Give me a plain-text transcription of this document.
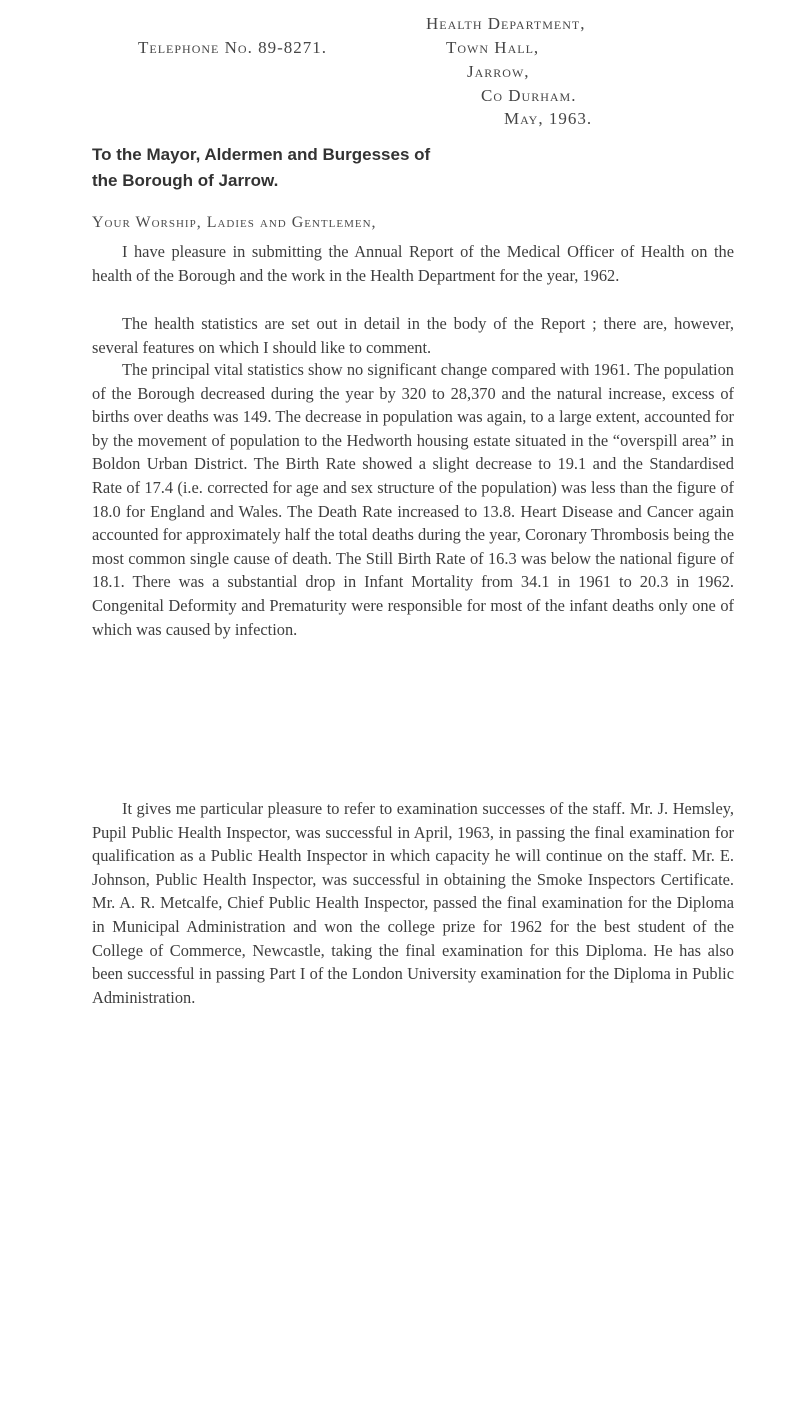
Telephone No. 89-8271.
Health Department,
Town Hall,
Jarrow,
Co Durham.
May, 1963.
To the Mayor, Aldermen and Burgesses of
the Borough of Jarrow.
Your Worship, Ladies and Gentlemen,

I have pleasure in submitting the Annual Report of the Medical Officer of Health on the health of the Borough and the work in the Health Department for the year, 1962.

The health statistics are set out in detail in the body of the Report ; there are, however, several features on which I should like to comment.

The principal vital statistics show no significant change compared with 1961. The population of the Borough decreased during the year by 320 to 28,370 and the natural increase, excess of births over deaths was 149. The decrease in population was again, to a large extent, accounted for by the movement of population to the Hedworth housing estate situated in the “overspill area” in Boldon Urban District. The Birth Rate showed a slight decrease to 19.1 and the Standardised Rate of 17.4 (i.e. corrected for age and sex structure of the population) was less than the figure of 18.0 for England and Wales. The Death Rate increased to 13.8. Heart Disease and Cancer again accounted for approximately half the total deaths during the year, Coronary Thrombosis being the most common single cause of death. The Still Birth Rate of 16.3 was below the national figure of 18.1. There was a substantial drop in Infant Mortality from 34.1 in 1961 to 20.3 in 1962. Congenital Deformity and Prematurity were responsible for most of the infant deaths only one of which was caused by infection.

It gives me particular pleasure to refer to examination successes of the staff. Mr. J. Hemsley, Pupil Public Health Inspector, was successful in April, 1963, in passing the final examination for qualification as a Public Health Inspector in which capacity he will continue on the staff. Mr. E. Johnson, Public Health Inspector, was successful in obtaining the Smoke Inspectors Certificate. Mr. A. R. Metcalfe, Chief Public Health Inspector, passed the final examination for the Diploma in Municipal Administration and won the college prize for 1962 for the best student of the College of Commerce, Newcastle, taking the final examination for this Diploma. He has also been successful in passing Part I of the London University examination for the Diploma in Public Administration.
